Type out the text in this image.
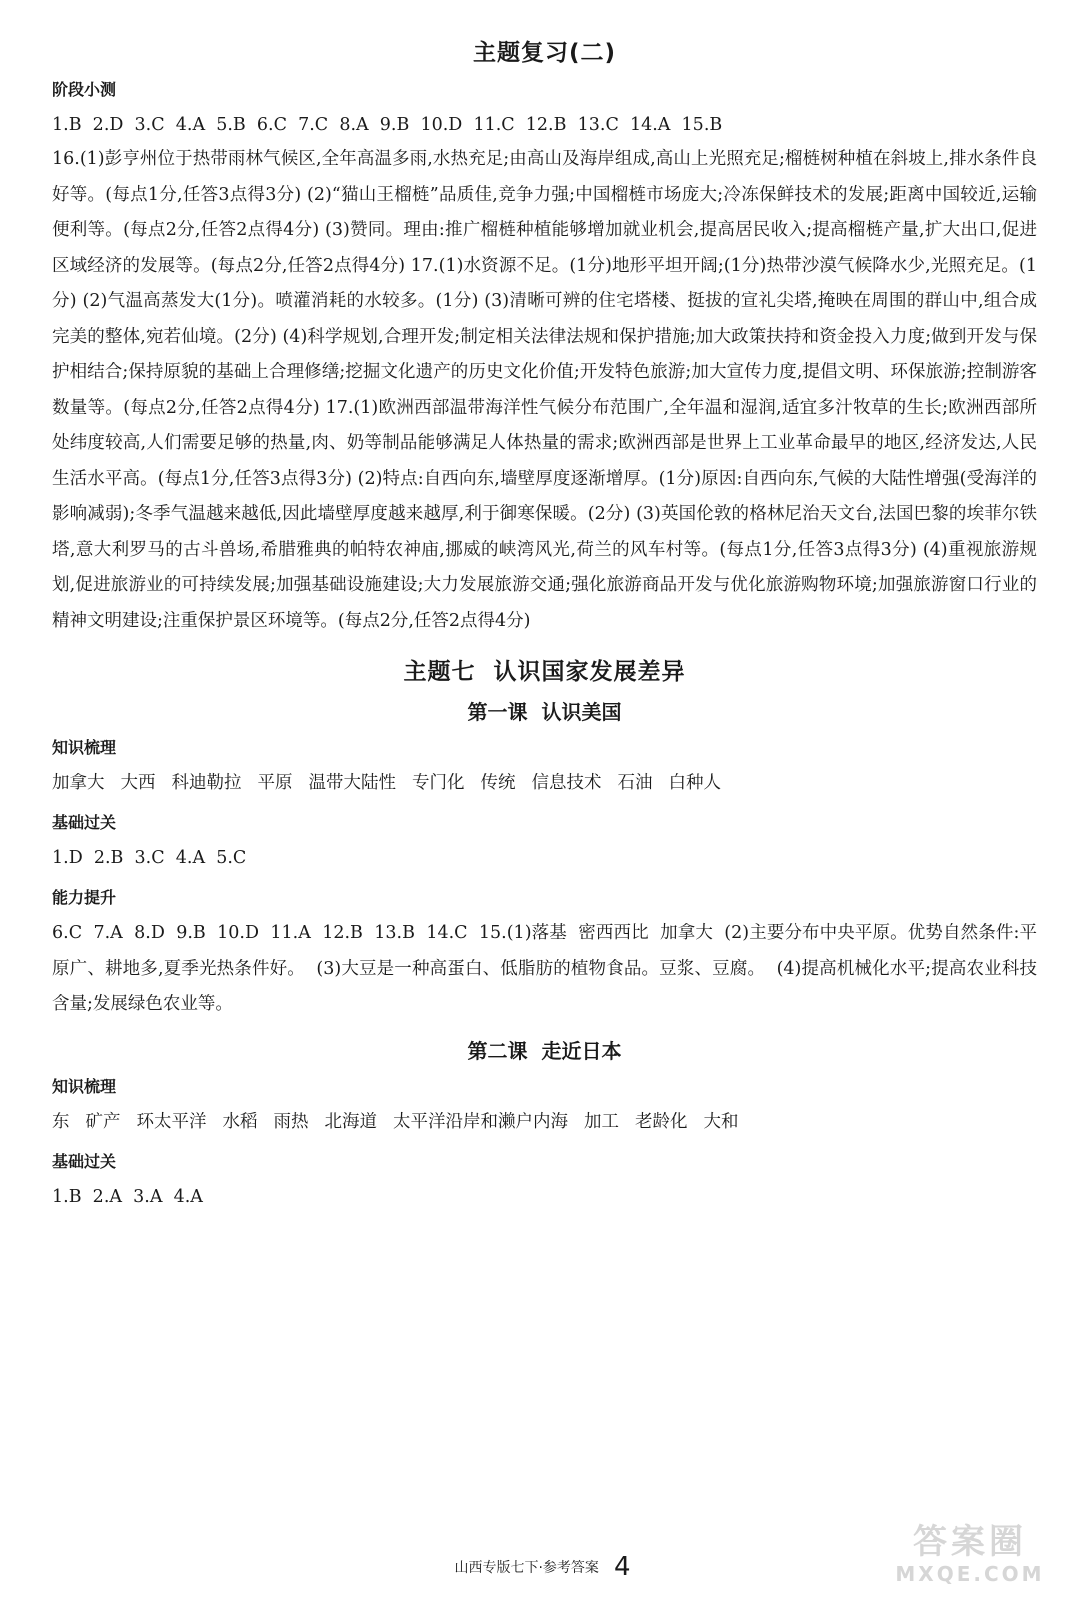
主题复习(二)
阶段小测

1.B  2.D  3.C  4.A  5.B  6.C  7.C  8.A  9.B  10.D  11.C  12.B  13.C  14.A  15.B

16.(1)彭亨州位于热带雨林气候区,全年高温多雨,水热充足;由高山及海岸组成,高山上光照充足;榴梿树种植在斜坡上,排水条件良好等。(每点1分,任答3点得3分) (2)“猫山王榴梿”品质佳,竞争力强;中国榴梿市场庞大;冷冻保鲜技术的发展;距离中国较近,运输便利等。(每点2分,任答2点得4分) (3)赞同。理由:推广榴梿种植能够增加就业机会,提高居民收入;提高榴梿产量,扩大出口,促进区域经济的发展等。(每点2分,任答2点得4分) 17.(1)水资源不足。(1分)地形平坦开阔;(1分)热带沙漠气候降水少,光照充足。(1分) (2)气温高蒸发大(1分)。喷灌消耗的水较多。(1分) (3)清晰可辨的住宅塔楼、挺拔的宣礼尖塔,掩映在周围的群山中,组合成完美的整体,宛若仙境。(2分) (4)科学规划,合理开发;制定相关法律法规和保护措施;加大政策扶持和资金投入力度;做到开发与保护相结合;保持原貌的基础上合理修缮;挖掘文化遗产的历史文化价值;开发特色旅游;加大宣传力度,提倡文明、环保旅游;控制游客数量等。(每点2分,任答2点得4分) 17.(1)欧洲西部温带海洋性气候分布范围广,全年温和湿润,适宜多汁牧草的生长;欧洲西部所处纬度较高,人们需要足够的热量,肉、奶等制品能够满足人体热量的需求;欧洲西部是世界上工业革命最早的地区,经济发达,人民生活水平高。(每点1分,任答3点得3分) (2)特点:自西向东,墙壁厚度逐渐增厚。(1分)原因:自西向东,气候的大陆性增强(受海洋的影响减弱);冬季气温越来越低,因此墙壁厚度越来越厚,利于御寒保暖。(2分) (3)英国伦敦的格林尼治天文台,法国巴黎的埃菲尔铁塔,意大利罗马的古斗兽场,希腊雅典的帕特农神庙,挪威的峡湾风光,荷兰的风车村等。(每点1分,任答3点得3分) (4)重视旅游规划,促进旅游业的可持续发展;加强基础设施建设;大力发展旅游交通;强化旅游商品开发与优化旅游购物环境;加强旅游窗口行业的精神文明建设;注重保护景区环境等。(每点2分,任答2点得4分)

主题七  认识国家发展差异
第一课  认识美国
知识梳理

加拿大 大西 科迪勒拉 平原 温带大陆性 专门化 传统 信息技术 石油 白种人

基础过关

1.D  2.B  3.C  4.A  5.C

能力提升

6.C  7.A  8.D  9.B  10.D  11.A  12.B  13.B  14.C  15.(1)落基  密西西比  加拿大  (2)主要分布中央平原。优势自然条件:平原广、耕地多,夏季光热条件好。  (3)大豆是一种高蛋白、低脂肪的植物食品。豆浆、豆腐。  (4)提高机械化水平;提高农业科技含量;发展绿色农业等。

第二课  走近日本
知识梳理

东 矿产 环太平洋 水稻 雨热 北海道 太平洋沿岸和濑户内海 加工 老龄化 大和

基础过关

1.B  2.A  3.A  4.A

山西专版七下·参考答案 4
答案圈
MXQE.COM
